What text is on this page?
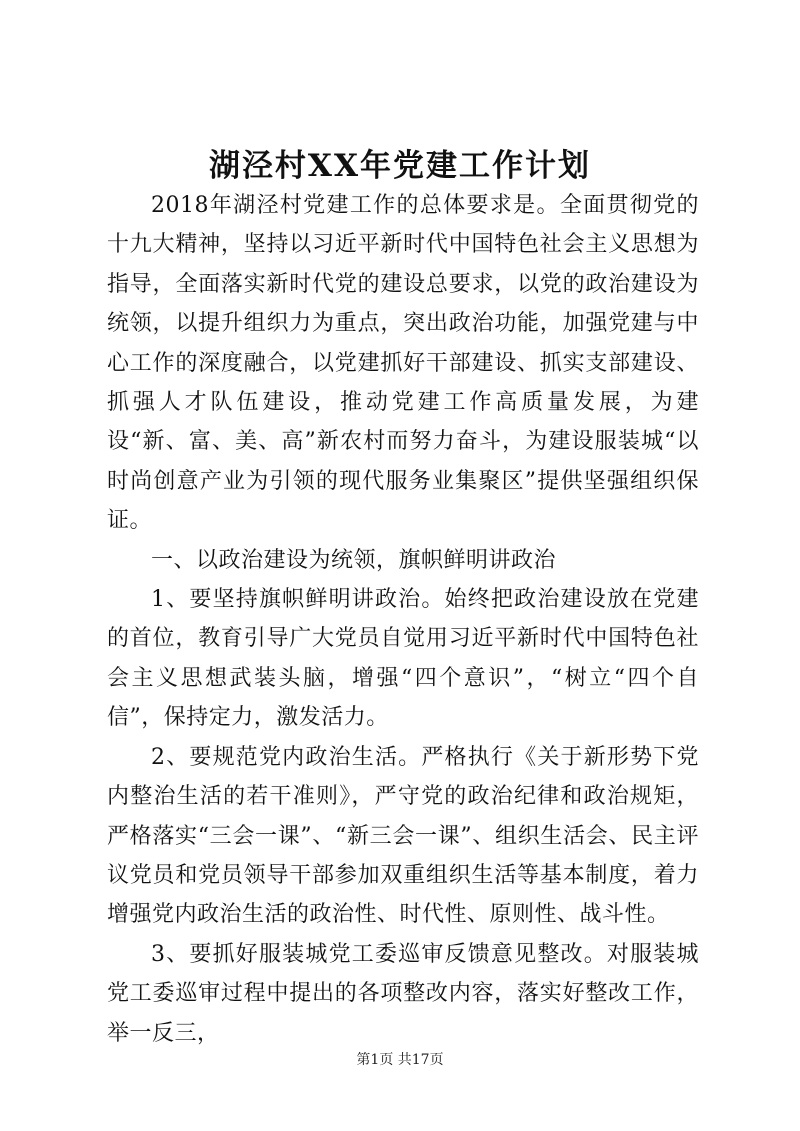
湖泾村XX年党建工作计划

2018年湖泾村党建工作的总体要求是。全面贯彻党的十九大精神，坚持以习近平新时代中国特色社会主义思想为指导，全面落实新时代党的建设总要求，以党的政治建设为统领，以提升组织力为重点，突出政治功能，加强党建与中心工作的深度融合，以党建抓好干部建设、抓实支部建设、抓强人才队伍建设，推动党建工作高质量发展，为建设“新、富、美、高”新农村而努力奋斗，为建设服装城“以时尚创意产业为引领的现代服务业集聚区”提供坚强组织保证。

一、以政治建设为统领，旗帜鲜明讲政治

1、要坚持旗帜鲜明讲政治。始终把政治建设放在党建的首位，教育引导广大党员自觉用习近平新时代中国特色社会主义思想武装头脑，增强“四个意识”，“树立“四个自信”，保持定力，激发活力。

2、要规范党内政治生活。严格执行《关于新形势下党内整治生活的若干准则》，严守党的政治纪律和政治规矩，严格落实“三会一课”、“新三会一课”、组织生活会、民主评议党员和党员领导干部参加双重组织生活等基本制度，着力增强党内政治生活的政治性、时代性、原则性、战斗性。

3、要抓好服装城党工委巡审反馈意见整改。对服装城党工委巡审过程中提出的各项整改内容，落实好整改工作，举一反三，

第1页 共17页
